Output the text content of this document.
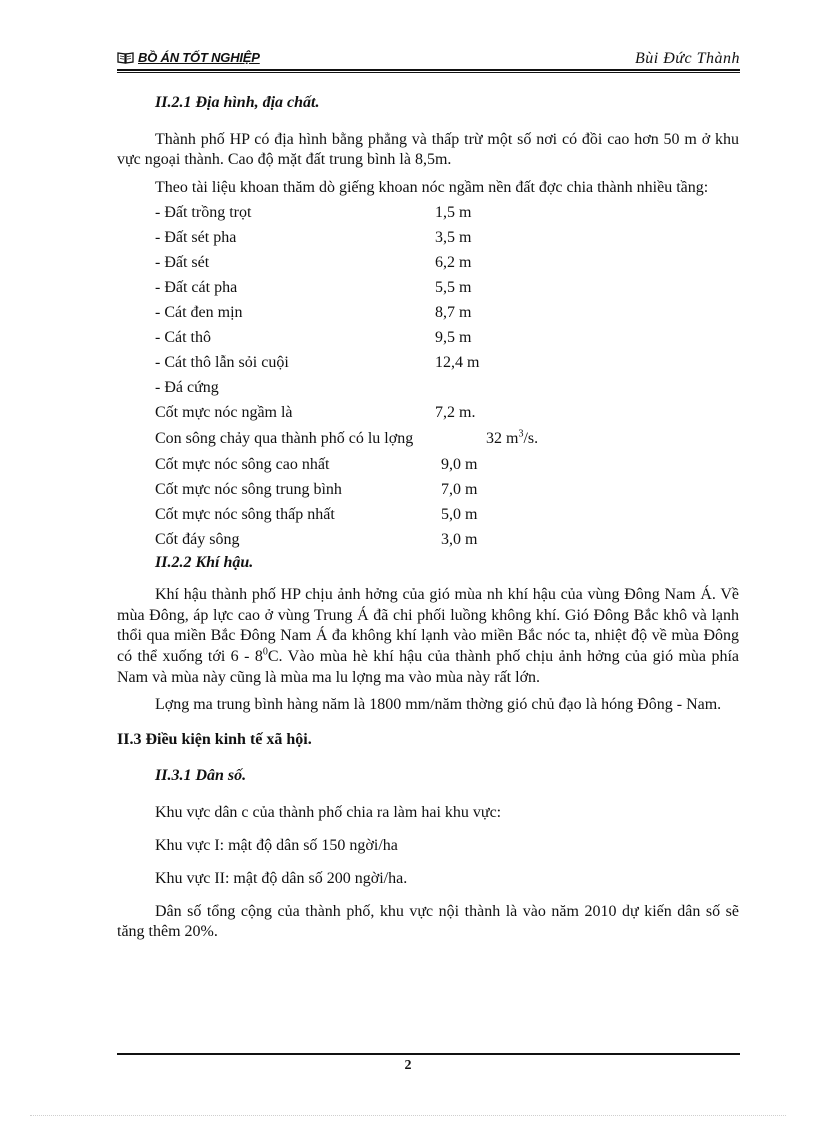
BỒ ÁN TỐT NGHIỆP	Bùi Đức Thành
II.2.1 Địa hình, địa chất.

Thành phố HP có địa hình bằng phẳng và thấp trừ một số nơi có đồi cao hơn 50 m ở khu vực ngoại thành. Cao độ mặt đất trung bình là 8,5m.

Theo tài liệu khoan thăm dò giếng khoan nóc ngầm nền đất đợc chia thành nhiều tầng:

- Đất trồng trọt	1,5 m
- Đất sét pha	3,5 m
- Đất sét	6,2 m
- Đất cát pha	5,5 m
- Cát đen mịn	8,7 m
- Cát thô	9,5 m
- Cát thô lẫn sỏi cuội	12,4 m
- Đá cứng
Cốt mực nóc ngầm là	7,2 m.
Con sông chảy qua thành phố có lu lợng	32 $m^3/s$.
Cốt mực nóc sông cao nhất	9,0 m
Cốt mực nóc sông trung bình	7,0 m
Cốt mực nóc sông thấp nhất	5,0 m
Cốt đáy sông	3,0 m
II.2.2 Khí hậu.

Khí hậu thành phố HP chịu ảnh hởng của gió mùa nh khí hậu của vùng Đông Nam Á. Về mùa Đông, áp lực cao ở vùng Trung Á đã chi phối luồng không khí. Gió Đông Bắc khô và lạnh thổi qua miền Bắc Đông Nam Á đa không khí lạnh vào miền Bắc nóc ta, nhiệt độ về mùa Đông có thể xuống tới $6 - 8^0C$. Vào mùa hè khí hậu của thành phố chịu ảnh hởng của gió mùa phía Nam và mùa này cũng là mùa ma lu lợng ma vào mùa này rất lớn.

Lợng ma trung bình hàng năm là 1800 mm/năm thờng gió chủ đạo là hóng Đông - Nam.

II.3 Điều kiện kinh tế xã hội.
II.3.1 Dân số.

Khu vực dân c của thành phố chia ra làm hai khu vực:

Khu vực I: mật độ dân số 150 ngời/ha

Khu vực II: mật độ dân số 200 ngời/ha.

Dân số tổng cộng của thành phố, khu vực nội thành là vào năm 2010 dự kiến dân số sẽ tăng thêm 20%.

2
